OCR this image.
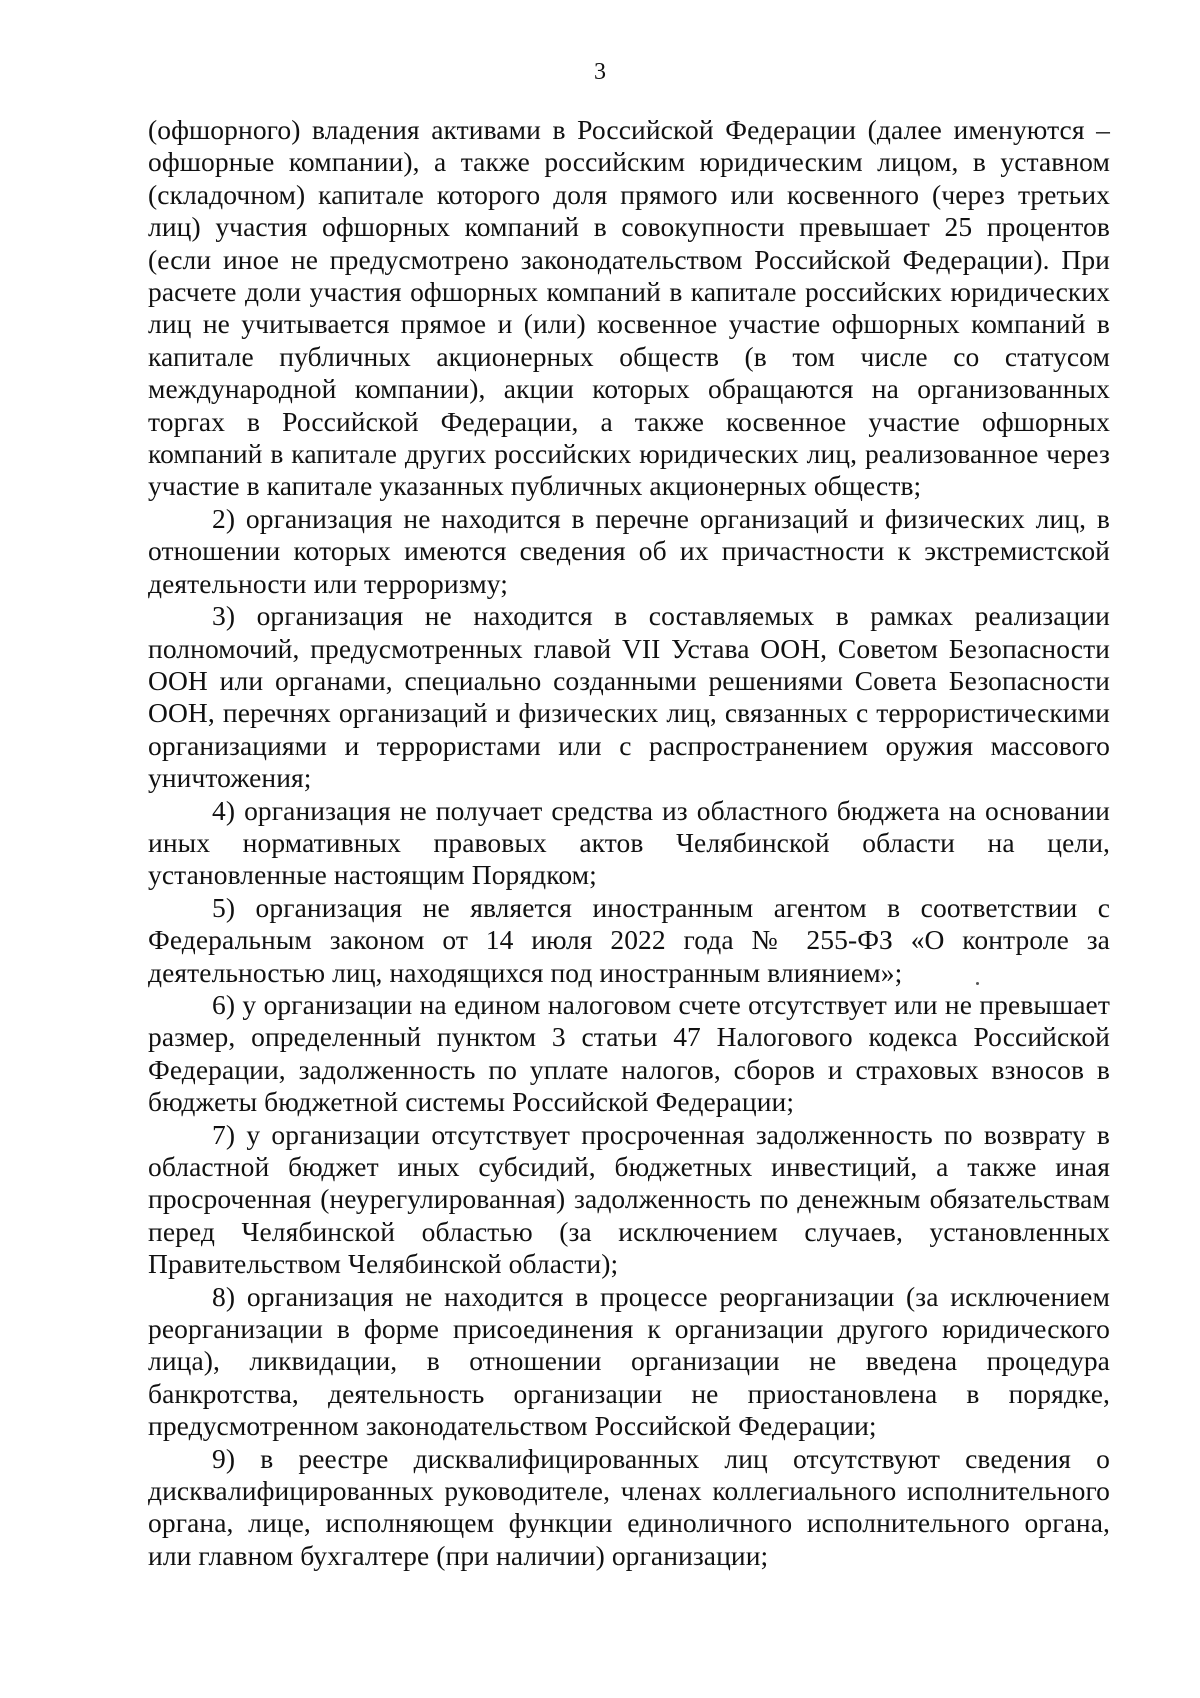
3

(офшорного) владения активами в Российской Федерации (далее именуются – офшорные компании), а также российским юридическим лицом, в уставном (складочном) капитале которого доля прямого или косвенного (через третьих лиц) участия офшорных компаний в совокупности превышает 25 процентов (если иное не предусмотрено законодательством Российской Федерации). При расчете доли участия офшорных компаний в капитале российских юридических лиц не учитывается прямое и (или) косвенное участие офшорных компаний в капитале публичных акционерных обществ (в том числе со статусом международной компании), акции которых обращаются на организованных торгах в Российской Федерации, а также косвенное участие офшорных компаний в капитале других российских юридических лиц, реализованное через участие в капитале указанных публичных акционерных обществ;

2) организация не находится в перечне организаций и физических лиц, в отношении которых имеются сведения об их причастности к экстремистской деятельности или терроризму;

3) организация не находится в составляемых в рамках реализации полномочий, предусмотренных главой VII Устава ООН, Советом Безопасности ООН или органами, специально созданными решениями Совета Безопасности ООН, перечнях организаций и физических лиц, связанных с террористическими организациями и террористами или с распространением оружия массового уничтожения;

4) организация не получает средства из областного бюджета на основании иных нормативных правовых актов Челябинской области на цели, установленные настоящим Порядком;

5) организация не является иностранным агентом в соответствии с Федеральным законом от 14 июля 2022 года № 255-ФЗ «О контроле за деятельностью лиц, находящихся под иностранным влиянием»;

6) у организации на едином налоговом счете отсутствует или не превышает размер, определенный пунктом 3 статьи 47 Налогового кодекса Российской Федерации, задолженность по уплате налогов, сборов и страховых взносов в бюджеты бюджетной системы Российской Федерации;

7) у организации отсутствует просроченная задолженность по возврату в областной бюджет иных субсидий, бюджетных инвестиций, а также иная просроченная (неурегулированная) задолженность по денежным обязательствам перед Челябинской областью (за исключением случаев, установленных Правительством Челябинской области);

8) организация не находится в процессе реорганизации (за исключением реорганизации в форме присоединения к организации другого юридического лица), ликвидации, в отношении организации не введена процедура банкротства, деятельность организации не приостановлена в порядке, предусмотренном законодательством Российской Федерации;

9) в реестре дисквалифицированных лиц отсутствуют сведения о дисквалифицированных руководителе, членах коллегиального исполнительного органа, лице, исполняющем функции единоличного исполнительного органа, или главном бухгалтере (при наличии) организации;
